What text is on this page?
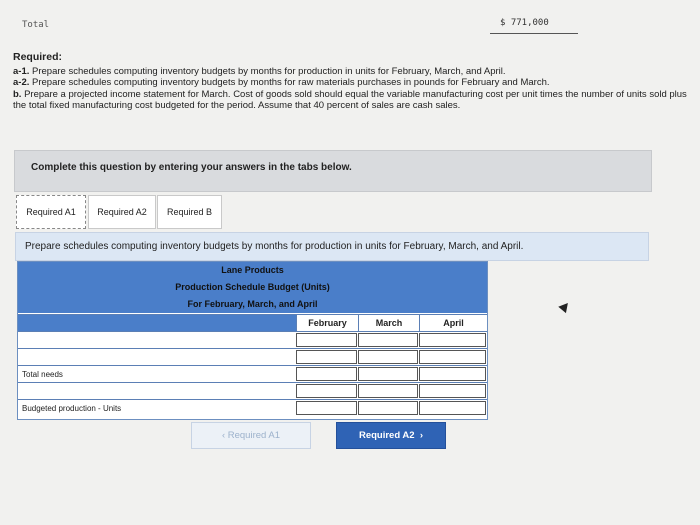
Total	$ 771,000
Required:

a-1. Prepare schedules computing inventory budgets by months for production in units for February, March, and April.

a-2. Prepare schedules computing inventory budgets by months for raw materials purchases in pounds for February and March.

b. Prepare a projected income statement for March. Cost of goods sold should equal the variable manufacturing cost per unit times the number of units sold plus the total fixed manufacturing cost budgeted for the period. Assume that 40 percent of sales are cash sales.

Complete this question by entering your answers in the tabs below.
Required A1	Required A2	Required B
Prepare schedules computing inventory budgets by months for production in units for February, March, and April.
Lane Products
Production Schedule Budget (Units)
For February, March, and April
February	March	April
Total needs
Budgeted production - Units
‹ Required A1	Required A2  ›
